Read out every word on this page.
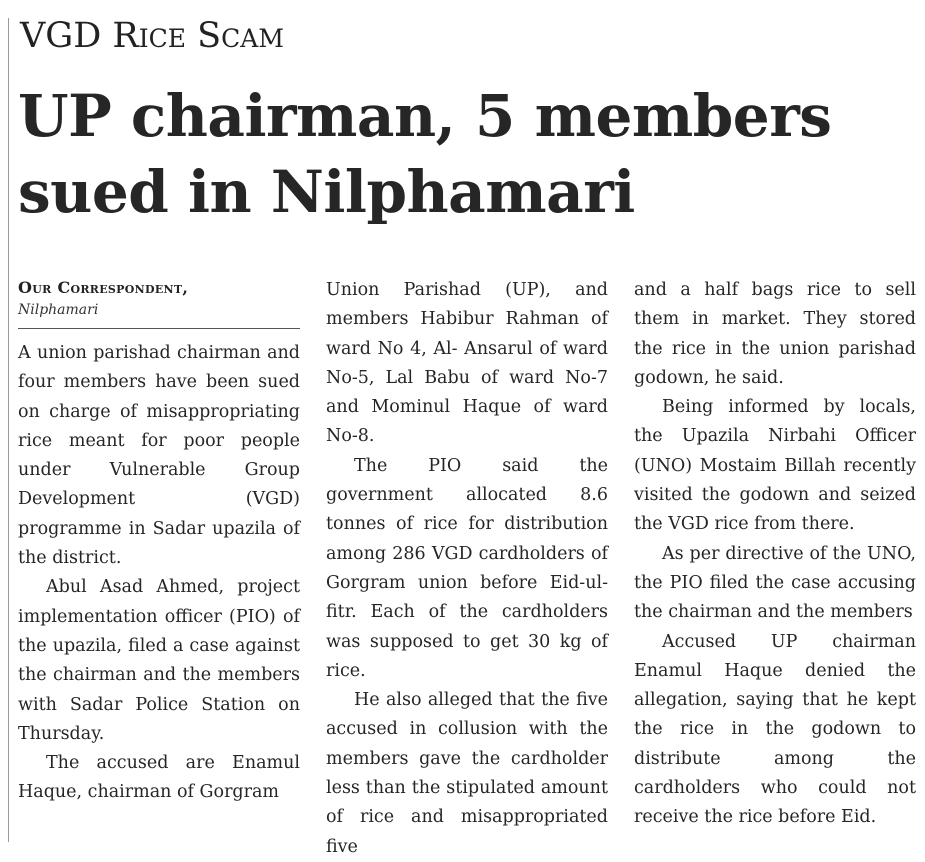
VGD Rice Scam
UP chairman, 5 members sued in Nilphamari
Our Correspondent,
Nilphamari

A union parishad chairman and four members have been sued on charge of misappropriating rice meant for poor people under Vulnerable Group Development (VGD) programme in Sadar upazila of the district.

Abul Asad Ahmed, project implementation officer (PIO) of the upazila, filed a case against the chairman and the members with Sadar Police Station on Thursday.

The accused are Enamul Haque, chairman of Gorgram

Union Parishad (UP), and members Habibur Rahman of ward No 4, Al- Ansarul of ward No-5, Lal Babu of ward No-7 and Mominul Haque of ward No-8.

The PIO said the government allocated 8.6 tonnes of rice for distribution among 286 VGD cardholders of Gorgram union before Eid-ul- fitr. Each of the cardholders was supposed to get 30 kg of rice.

He also alleged that the five accused in collusion with the members gave the cardholder less than the stipulated amount of rice and misappropriated five

and a half bags rice to sell them in market. They stored the rice in the union parishad godown, he said.

Being informed by locals, the Upazila Nirbahi Officer (UNO) Mostaim Billah recently visited the godown and seized the VGD rice from there.

As per directive of the UNO, the PIO filed the case accusing the chairman and the members

Accused UP chairman Enamul Haque denied the allegation, saying that he kept the rice in the godown to distribute among the cardholders who could not receive the rice before Eid.
